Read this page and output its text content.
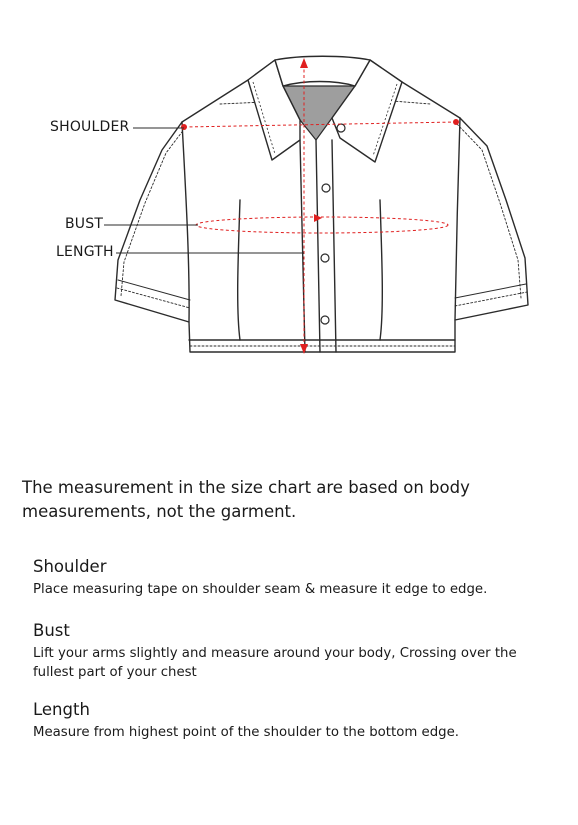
SHOULDER
BUST
LENGTH

The measurement in the size chart are based on body measurements, not the garment.

Shoulder

Place measuring tape on shoulder seam & measure it edge to edge.

Bust

Lift your arms slightly and measure around your body, Crossing over the fullest part of your chest

Length

Measure from highest point of the shoulder to the bottom edge.
